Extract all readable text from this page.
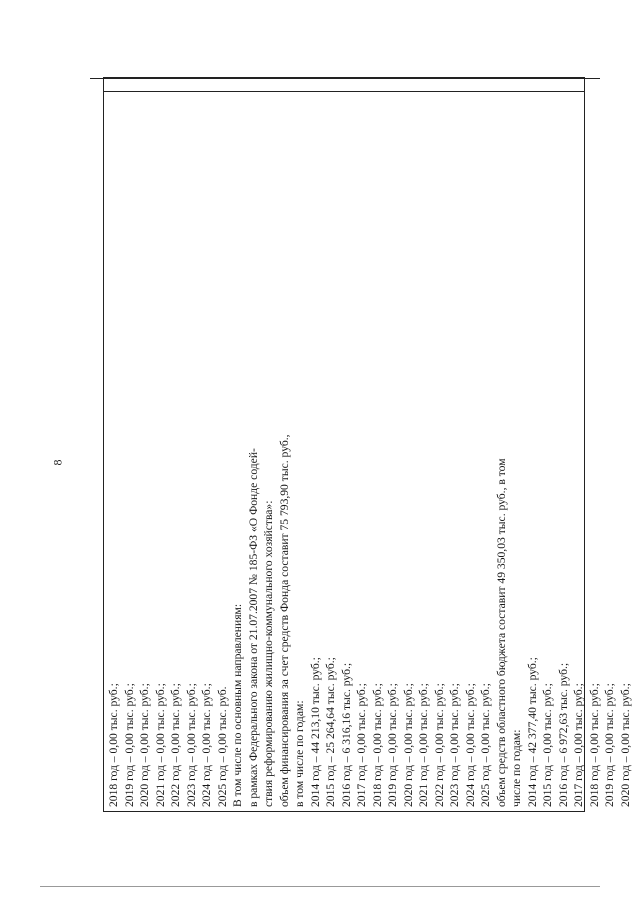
8
2018 год – 0,00 тыс. руб.; 2019 год – 0,00 тыс. руб.; 2020 год – 0,00 тыс. руб.; 2021 год – 0,00 тыс. руб.; 2022 год – 0,00 тыс. руб.; 2023 год – 0,00 тыс. руб.; 2024 год – 0,00 тыс. руб.; 2025 год – 0,00 тыс. руб. В том числе по основным направлениям: в рамках Федерального закона от 21.07.2007 № 185-ФЗ «О Фонде содей- ствия реформированию жилищно-коммунального хозяйства»: объем финансирования за счет средств Фонда составит 75 793,90 тыс. руб., в том числе по годам: 2014 год – 44 213,10 тыс. руб.; 2015 год – 25 264,64 тыс. руб.; 2016 год – 6 316,16 тыс. руб.; 2017 год – 0,00 тыс. руб.; 2018 год – 0,00 тыс. руб.; 2019 год – 0,00 тыс. руб.; 2020 год – 0,00 тыс. руб.; 2021 год – 0,00 тыс. руб.; 2022 год – 0,00 тыс. руб.; 2023 год – 0,00 тыс. руб.; 2024 год – 0,00 тыс. руб.; 2025 год – 0,00 тыс. руб.; объем средств областного бюджета составит 49 350,03 тыс. руб., в том числе по годам: 2014 год – 42 377,40 тыс. руб.; 2015 год – 0,00 тыс. руб.; 2016 год – 6 972,63 тыс. руб.; 2017 год – 0,00 тыс. руб.; 2018 год – 0,00 тыс. руб.; 2019 год – 0,00 тыс. руб.; 2020 год – 0,00 тыс. руб.;
